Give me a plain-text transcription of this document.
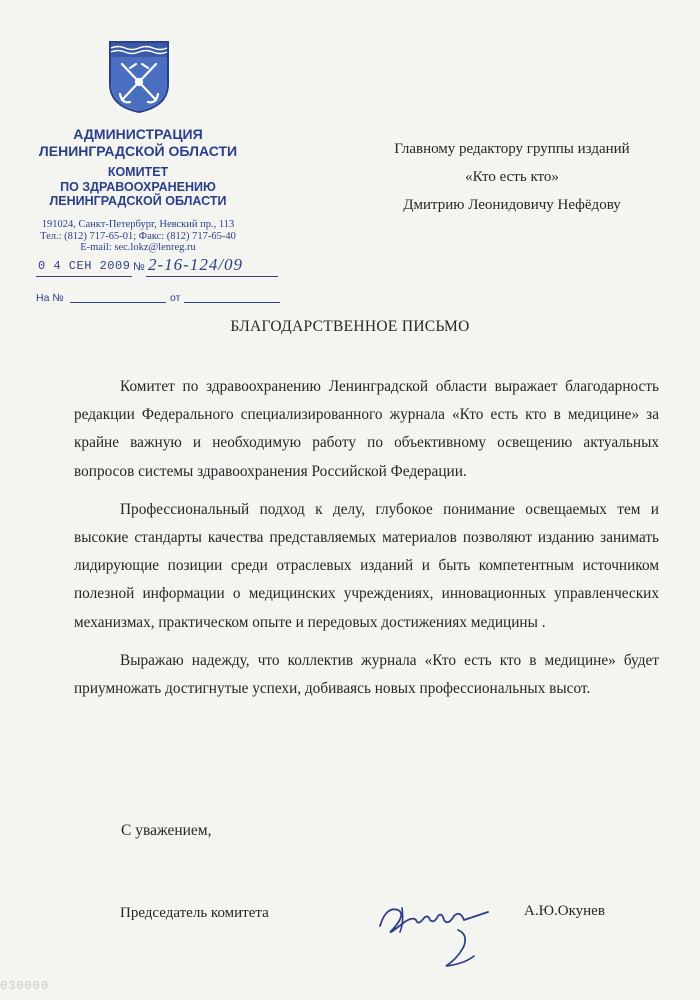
АДМИНИСТРАЦИЯ
ЛЕНИНГРАДСКОЙ ОБЛАСТИ
КОМИТЕТ
ПО ЗДРАВООХРАНЕНИЮ
ЛЕНИНГРАДСКОЙ ОБЛАСТИ
191024, Санкт-Петербург, Невский пр., 113
Тел.: (812) 717-65-01; Факс: (812) 717-65-40
E-mail: sec.lokz@lenreg.ru
0 4 СЕН 2009 № 2-16-124/09
На №	от
Главному редактору группы изданий
«Кто есть кто»
Дмитрию Леонидовичу Нефёдову
БЛАГОДАРСТВЕННОЕ ПИСЬМО

Комитет по здравоохранению Ленинградской области выражает благодарность редакции Федерального специализированного журнала «Кто есть кто в медицине» за крайне важную и необходимую работу по объективному освещению актуальных вопросов системы здравоохранения Российской Федерации.

Профессиональный подход к делу, глубокое понимание освещаемых тем и высокие стандарты качества представляемых материалов позволяют изданию занимать лидирующие позиции среди отраслевых изданий и быть компетентным источником полезной информации о медицинских учреждениях, инновационных управленческих механизмах, практическом опыте и передовых достижениях медицины .

Выражаю надежду, что коллектив журнала «Кто есть кто в медицине» будет приумножать достигнутые успехи, добиваясь новых профессиональных высот.

С уважением,
Председатель комитета	А.Ю.Окунев
030000
